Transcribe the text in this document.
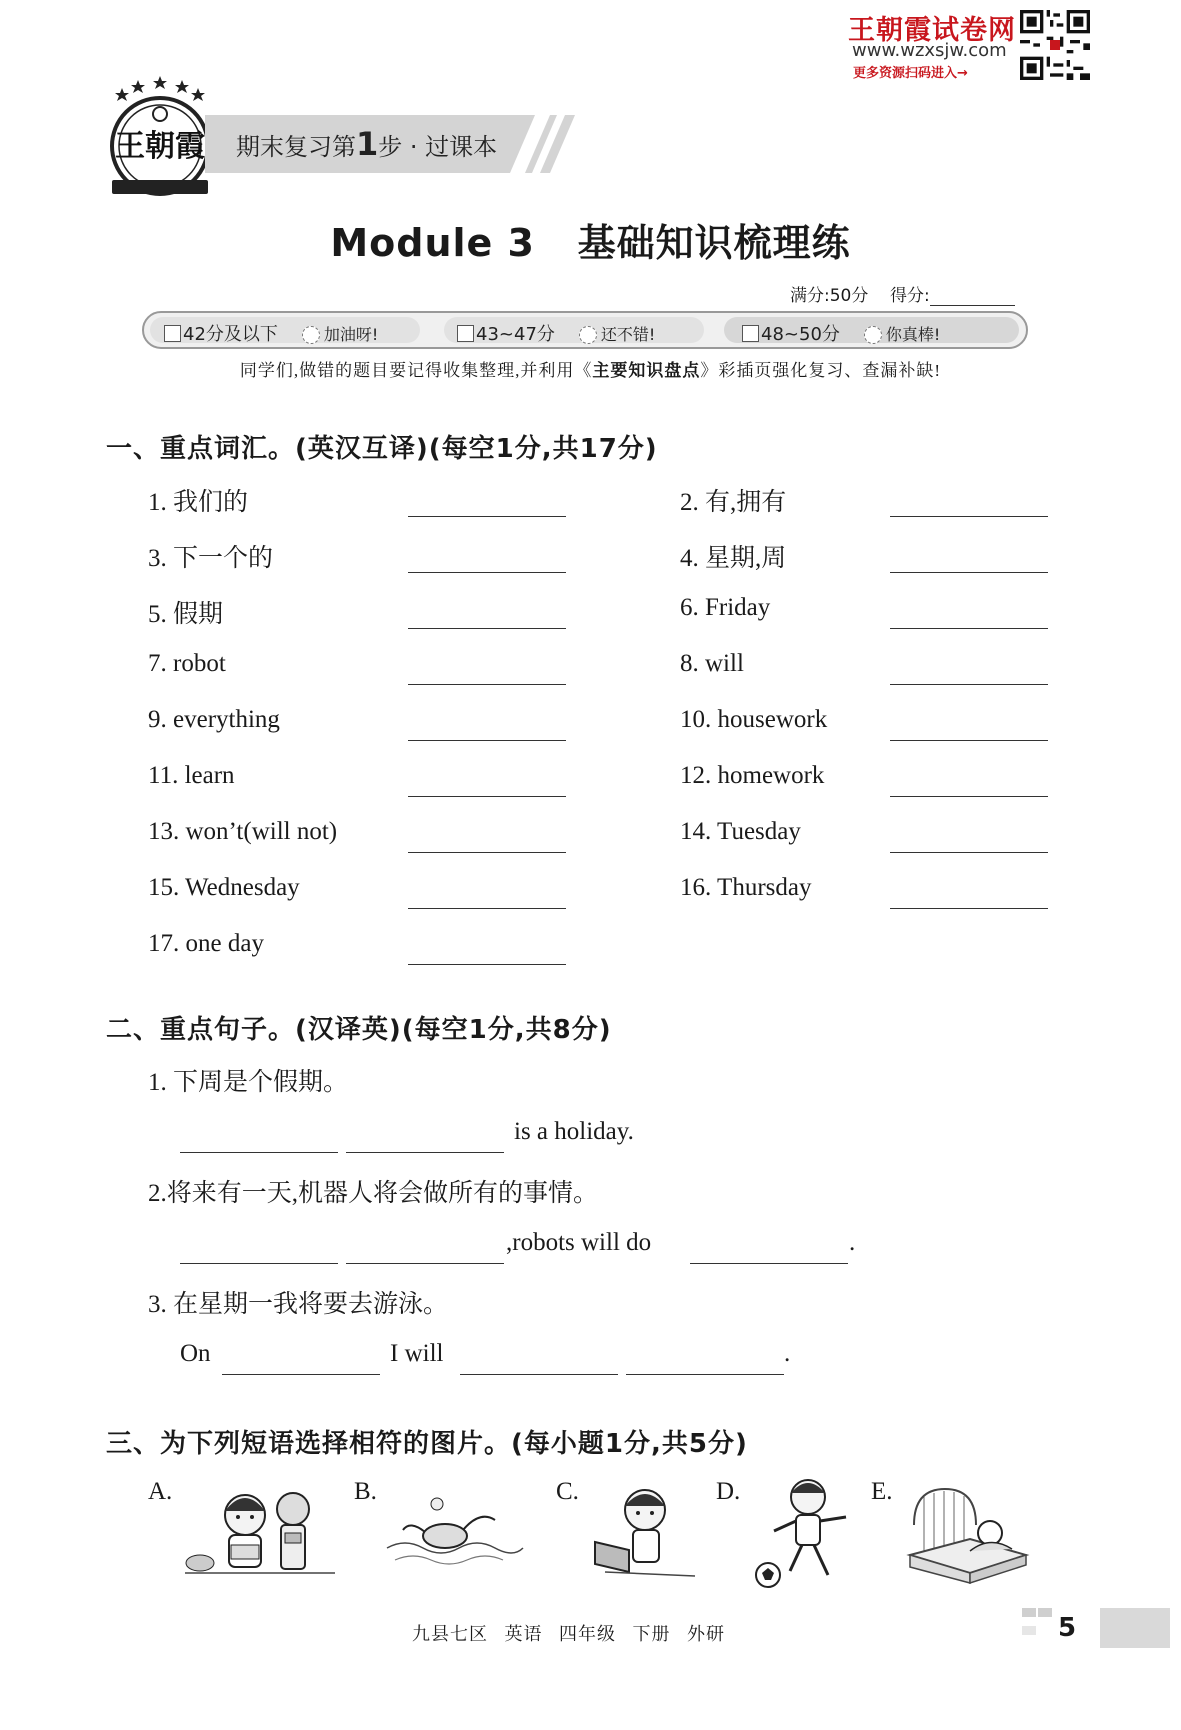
王朝霞试卷网
www.wzxsjw.com
更多资源扫码进入→
王朝霞 期末复习第1步 · 过课本
Module 3   基础知识梳理练
满分:50分 得分:
42分及以下	加油呀!	43~47分	还不错!	48~50分	你真棒!
同学们,做错的题目要记得收集整理,并利用《主要知识盘点》彩插页强化复习、查漏补缺!
一、重点词汇。(英汉互译)(每空1分,共17分)
1. 我们的	2. 有,拥有
3. 下一个的	4. 星期,周
5. 假期	6. Friday
7. robot	8. will
9. everything	10. housework
11. learn	12. homework
13. won’t(will not)	14. Tuesday
15. Wednesday	16. Thursday
17. one day
二、重点句子。(汉译英)(每空1分,共8分)
1. 下周是个假期。
is a holiday.
2.将来有一天,机器人将会做所有的事情。
,robots will do	.
3. 在星期一我将要去游泳。
On	I will	.
三、为下列短语选择相符的图片。(每小题1分,共5分)
A.	B.	C.	D.	E.
九县七区   英语   四年级   下册   外研	5
